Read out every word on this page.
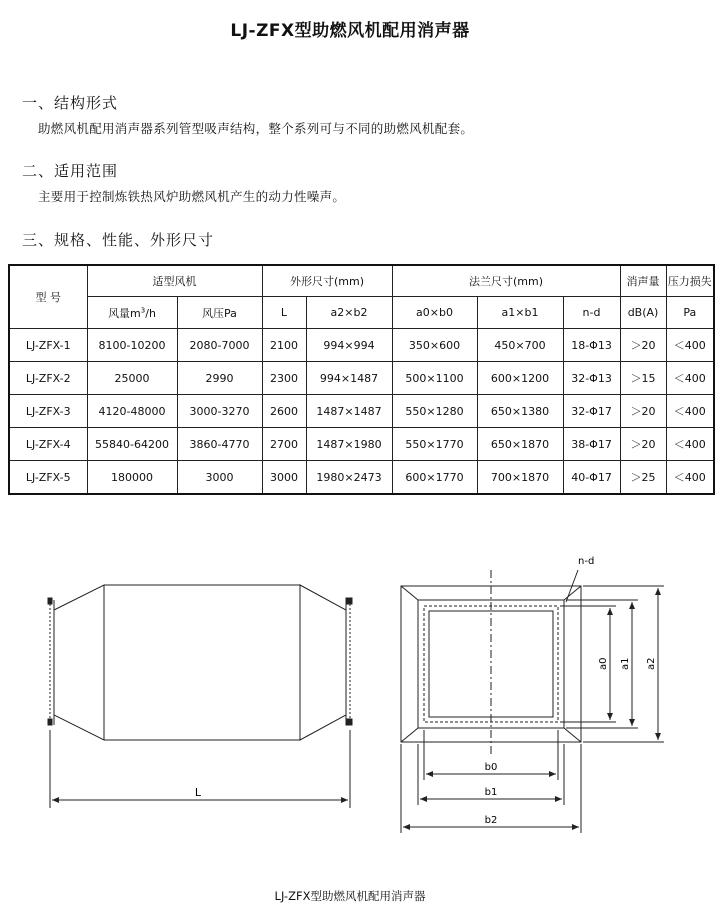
LJ-ZFX型助燃风机配用消声器
一、结构形式
助燃风机配用消声器系列管型吸声结构，整个系列可与不同的助燃风机配套。
二、适用范围
主要用于控制炼铁热风炉助燃风机产生的动力性噪声。
三、规格、性能、外形尺寸
型 号	适型风机		外形尺寸(mm)		法兰尺寸(mm)			消声量	压力损失
	风量$m^3/h$	风压Pa	L	a2×b2	a0×b0	a1×b1	n-d	dB(A)	Pa
LJ-ZFX-1	8100-10200	2080-7000	2100	994×994	350×600	450×700	18-Φ13	＞20	＜400
LJ-ZFX-2	25000	2990	2300	994×1487	500×1100	600×1200	32-Φ13	＞15	＜400
LJ-ZFX-3	4120-48000	3000-3270	2600	1487×1487	550×1280	650×1380	32-Φ17	＞20	＜400
LJ-ZFX-4	55840-64200	3860-4770	2700	1487×1980	550×1770	650×1870	38-Φ17	＞20	＜400
LJ-ZFX-5	180000	3000	3000	1980×2473	600×1770	700×1870	40-Φ17	＞25	＜400
L
n-d
a0 a1 a2
b0
b1
b2
LJ-ZFX型助燃风机配用消声器
